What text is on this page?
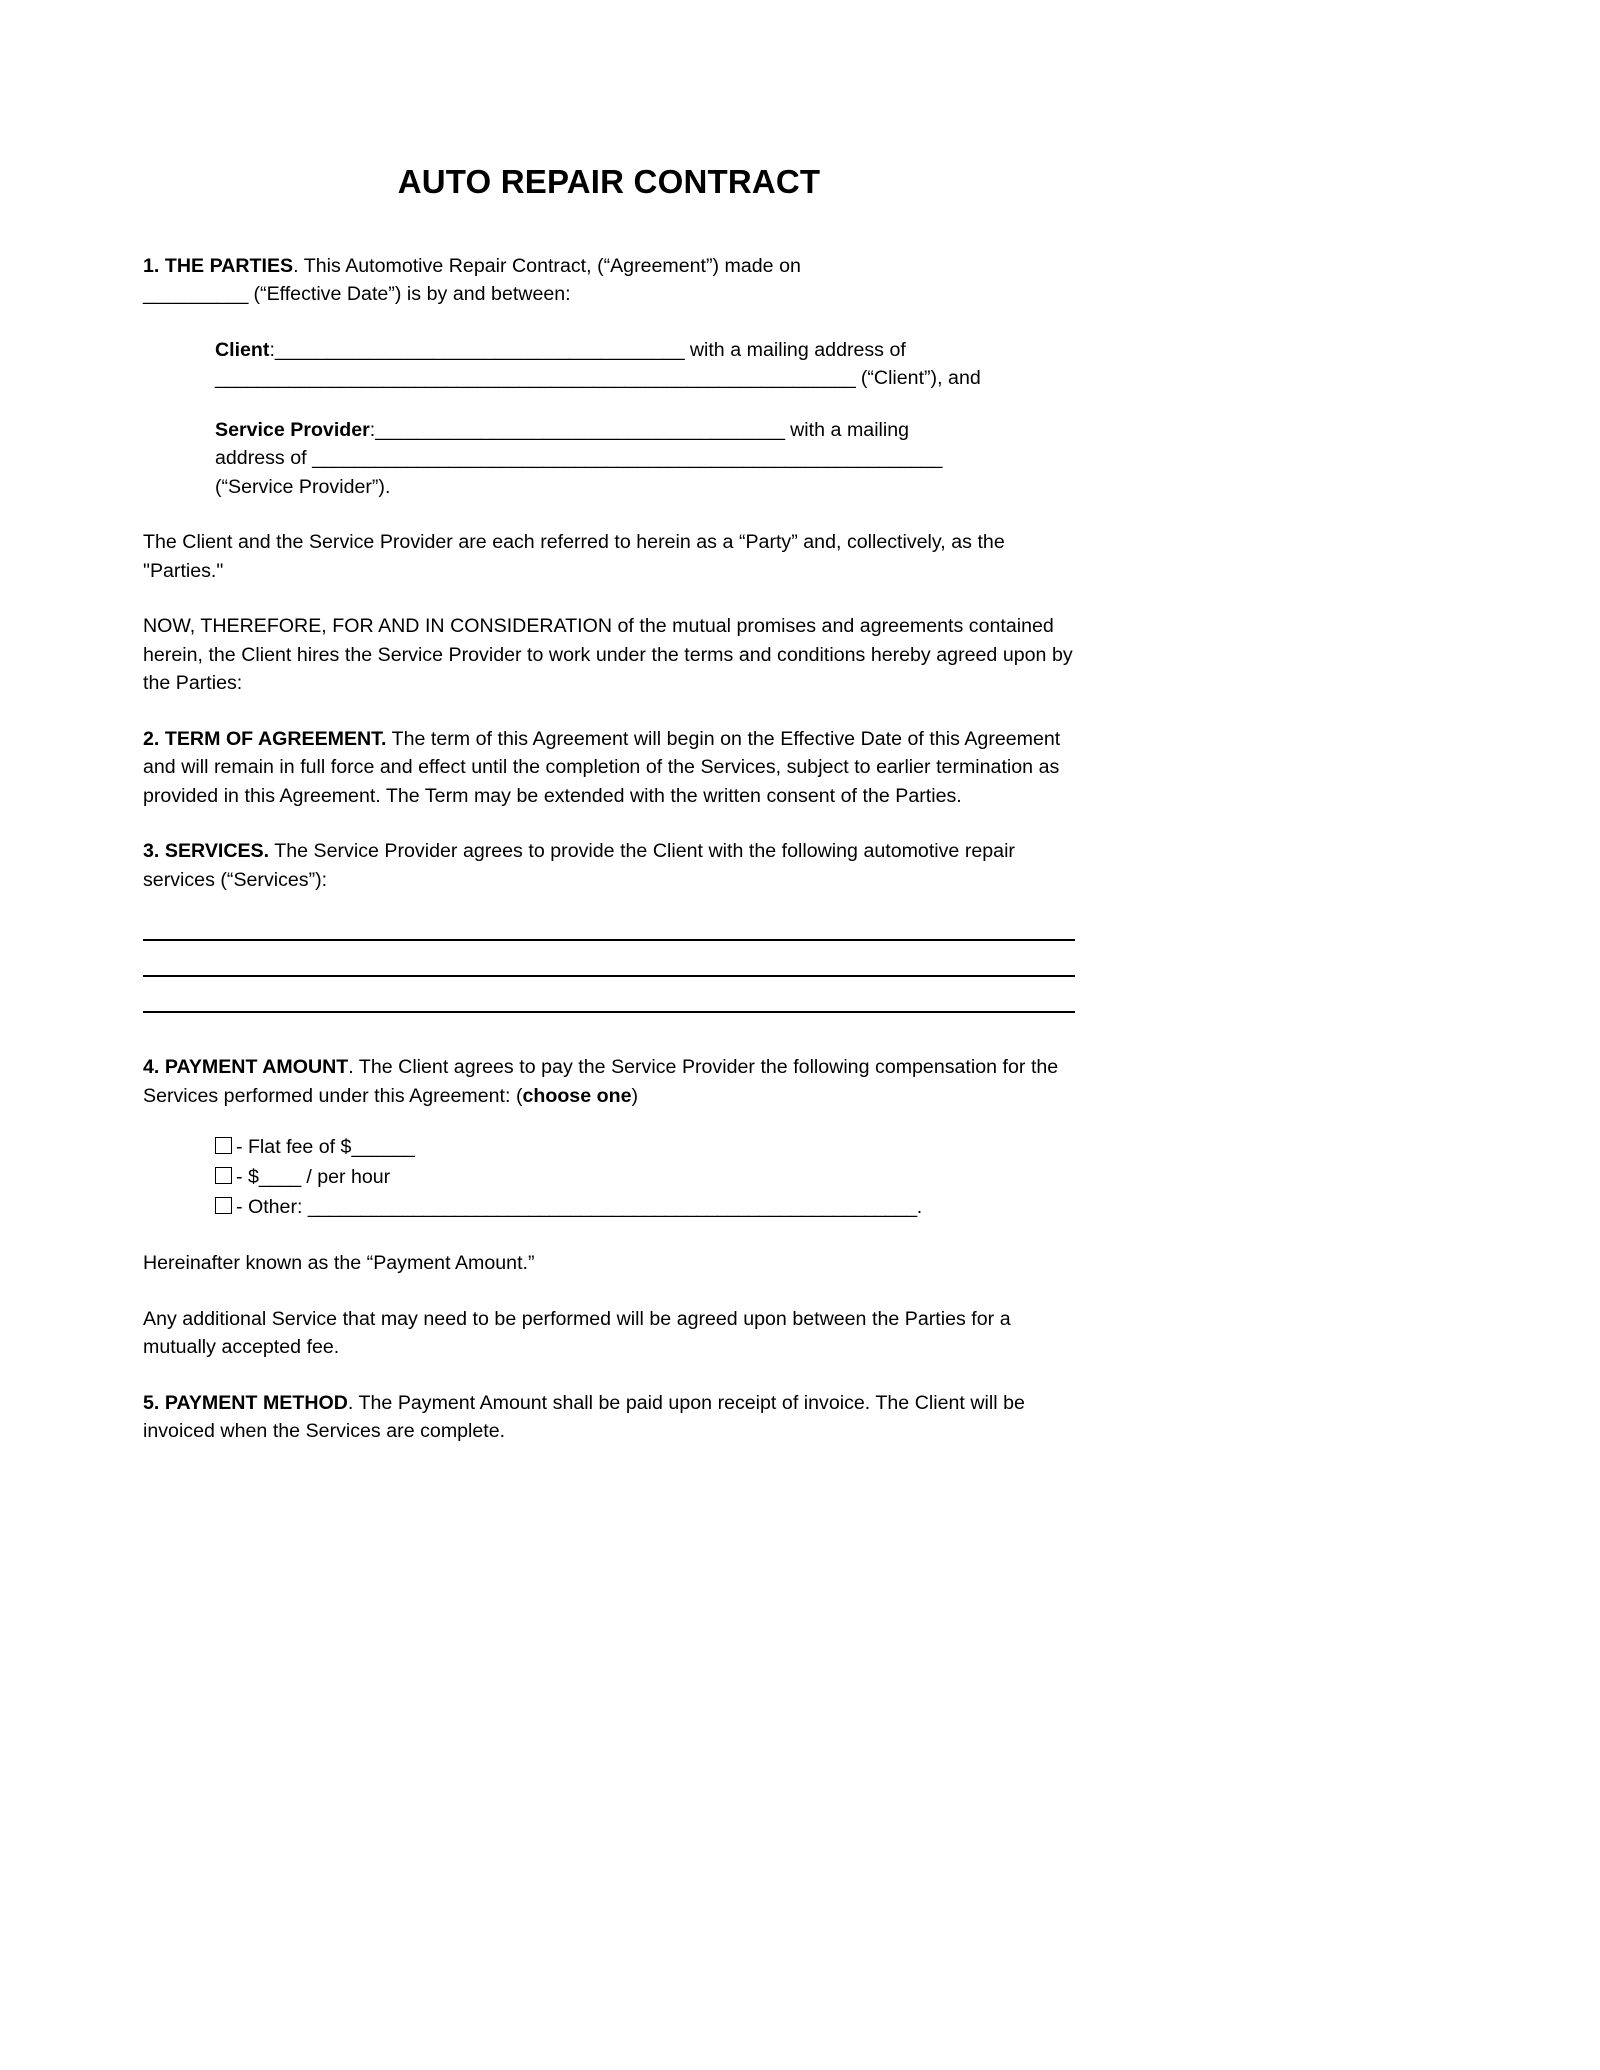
AUTO REPAIR CONTRACT

1. THE PARTIES. This Automotive Repair Contract, (“Agreement”) made on
__________ (“Effective Date”) is by and between:

Client:_______________________________________ with a mailing address of
_____________________________________________________________ (“Client”), and

Service Provider:_______________________________________ with a mailing
address of ____________________________________________________________
(“Service Provider”).

The Client and the Service Provider are each referred to herein as a “Party” and, collectively, as the "Parties."

NOW, THEREFORE, FOR AND IN CONSIDERATION of the mutual promises and agreements contained herein, the Client hires the Service Provider to work under the terms and conditions hereby agreed upon by the Parties:

2. TERM OF AGREEMENT. The term of this Agreement will begin on the Effective Date of this Agreement and will remain in full force and effect until the completion of the Services, subject to earlier termination as provided in this Agreement. The Term may be extended with the written consent of the Parties.

3. SERVICES. The Service Provider agrees to provide the Client with the following automotive repair services (“Services”):

4. PAYMENT AMOUNT. The Client agrees to pay the Service Provider the following compensation for the Services performed under this Agreement: (choose one)

- Flat fee of $______

- $____ / per hour

- Other: __________________________________________________________.

Hereinafter known as the “Payment Amount.”

Any additional Service that may need to be performed will be agreed upon between the Parties for a mutually accepted fee.

5. PAYMENT METHOD. The Payment Amount shall be paid upon receipt of invoice. The Client will be invoiced when the Services are complete.
